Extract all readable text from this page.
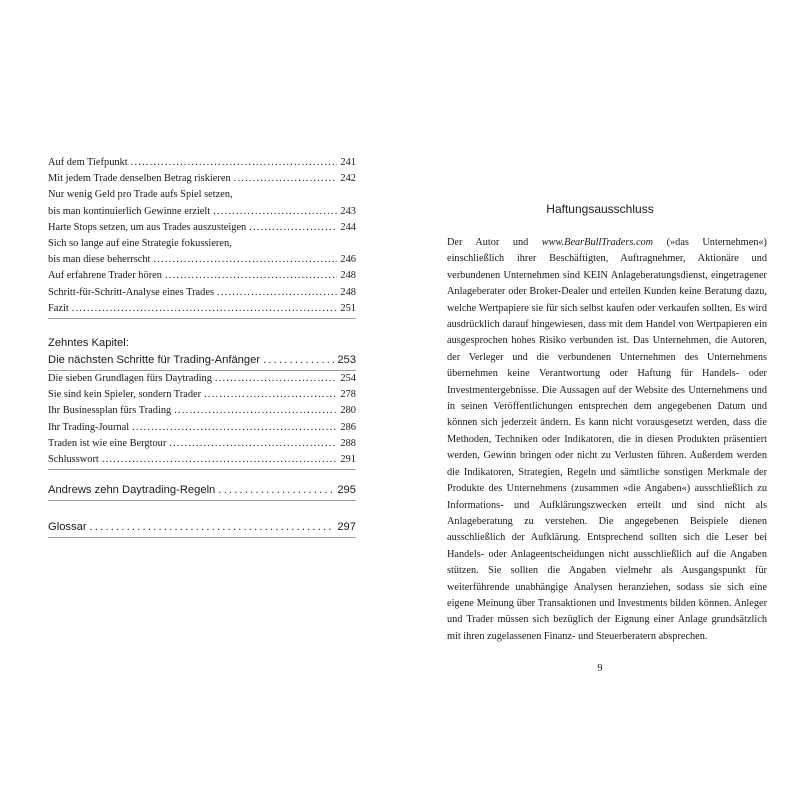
Auf dem Tiefpunkt .....	241
Mit jedem Trade denselben Betrag riskieren .....	242
Nur wenig Geld pro Trade aufs Spiel setzen,
bis man kontinuierlich Gewinne erzielt .....	243
Harte Stops setzen, um aus Trades auszusteigen .....	244
Sich so lange auf eine Strategie fokussieren,
bis man diese beherrscht .....	246
Auf erfahrene Trader hören .....	248
Schritt-für-Schritt-Analyse eines Trades .....	248
Fazit .....	251
Zehntes Kapitel:
Die nächsten Schritte für Trading-Anfänger .....	253
Die sieben Grundlagen fürs Daytrading .....	254
Sie sind kein Spieler, sondern Trader .....	278
Ihr Businessplan fürs Trading .....	280
Ihr Trading-Journal .....	286
Traden ist wie eine Bergtour .....	288
Schlusswort .....	291
Andrews zehn Daytrading-Regeln .....	295
Glossar .....	297
Haftungsausschluss

Der Autor und www.BearBullTraders.com (»das Unternehmen«) einschließlich ihrer Beschäftigten, Auftragnehmer, Aktionäre und verbundenen Unternehmen sind KEIN Anlageberatungsdienst, eingetragener Anlageberater oder Broker-Dealer und erteilen Kunden keine Beratung dazu, welche Wertpapiere sie für sich selbst kaufen oder verkaufen sollten. Es wird ausdrücklich darauf hingewiesen, dass mit dem Handel von Wertpapieren ein ausgesprochen hohes Risiko verbunden ist. Das Unternehmen, die Autoren, der Verleger und die verbundenen Unternehmen des Unternehmens übernehmen keine Verantwortung oder Haftung für Handels- oder Investmentergebnisse. Die Aussagen auf der Website des Unternehmens und in seinen Veröffentlichungen entsprechen dem angegebenen Datum und können sich jederzeit ändern. Es kann nicht vorausgesetzt werden, dass die Methoden, Techniken oder Indikatoren, die in diesen Produkten präsentiert werden, Gewinn bringen oder nicht zu Verlusten führen. Außerdem werden die Indikatoren, Strategien, Regeln und sämtliche sonstigen Merkmale der Produkte des Unternehmens (zusammen »die Angaben«) ausschließlich zu Informations- und Aufklärungszwecken erteilt und sind nicht als Anlageberatung zu verstehen. Die angegebenen Beispiele dienen ausschließlich der Aufklärung. Entsprechend sollten sich die Leser bei Handels- oder Anlageentscheidungen nicht ausschließlich auf die Angaben stützen. Sie sollten die Angaben vielmehr als Ausgangspunkt für weiterführende unabhängige Analysen heranziehen, sodass sie sich eine eigene Meinung über Transaktionen und Investments bilden können. Anleger und Trader müssen sich bezüglich der Eignung einer Anlage grundsätzlich mit ihren zugelassenen Finanz- und Steuerberatern absprechen.

9
